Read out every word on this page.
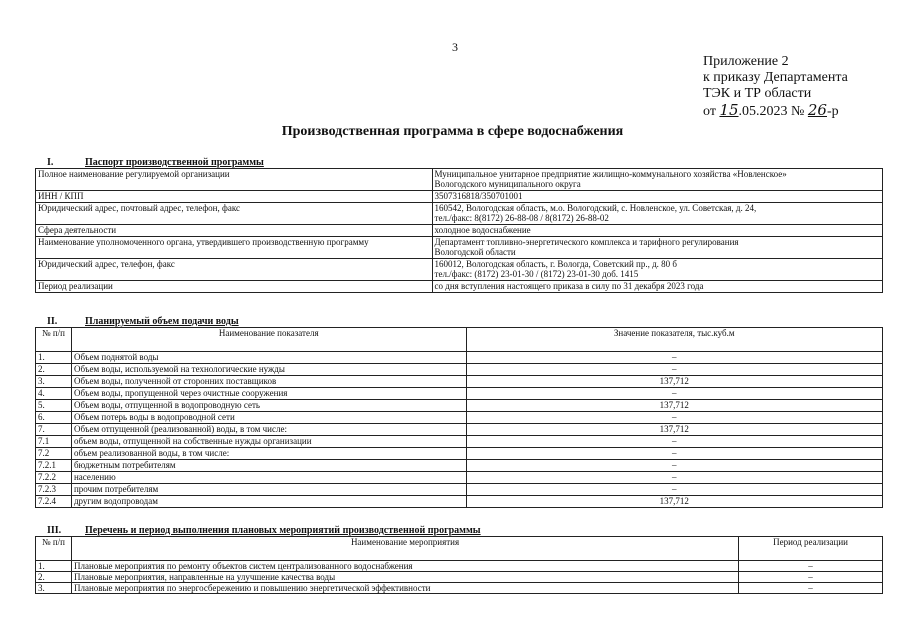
3
Приложение 2
к приказу Департамента
ТЭК и ТР области
от 15.05.2023 № 26-р
Производственная программа в сфере водоснабжения
I.	Паспорт производственной программы
Полное наименование регулируемой организации	Муниципальное унитарное предприятие жилищно-коммунального хозяйства «Новленское»
Вологодского муниципального округа

ИНН / КПП	3507316818/350701001

Юридический адрес, почтовый адрес, телефон, факс	160542, Вологодская область, м.о. Вологодский, с. Новленское, ул. Советская, д. 24,
тел./факс: 8(8172) 26-88-08 / 8(8172) 26-88-02

Сфера деятельности	холодное водоснабжение

Наименование уполномоченного органа, утвердившего производственную программу	Департамент топливно-энергетического комплекса и тарифного регулирования
Вологодской области

Юридический адрес, телефон, факс	160012, Вологодская область, г. Вологда, Советский пр., д. 80 б
тел./факс: (8172) 23-01-30 / (8172) 23-01-30 доб. 1415

Период реализации	со дня вступления настоящего приказа в силу по 31 декабря 2023 года
II.	Планируемый объем подачи воды
№ п/п	Наименование показателя	Значение показателя, тыс.куб.м
1.	Объем поднятой воды	–
2.	Объем воды, используемой на технологические нужды	–
3.	Объем воды, полученной от сторонних поставщиков	137,712
4.	Объем воды, пропущенной через очистные сооружения	–
5.	Объем воды, отпущенной в водопроводную сеть	137,712
6.	Объем потерь воды в водопроводной сети	–
7.	Объем отпущенной (реализованной) воды, в том числе:	137,712
7.1	объем воды, отпущенной на собственные нужды организации	–
7.2	объем реализованной воды, в том числе:	–
7.2.1	бюджетным потребителям	–
7.2.2	населению	–
7.2.3	прочим потребителям	–
7.2.4	другим водопроводам	137,712
III. Перечень и период выполнения плановых мероприятий производственной программы
№ п/п	Наименование мероприятия	Период реализации
1.	Плановые мероприятия по ремонту объектов систем централизованного водоснабжения	–
2.	Плановые мероприятия, направленные на улучшение качества воды	–
3.	Плановые мероприятия по энергосбережению и повышению энергетической эффективности	–
